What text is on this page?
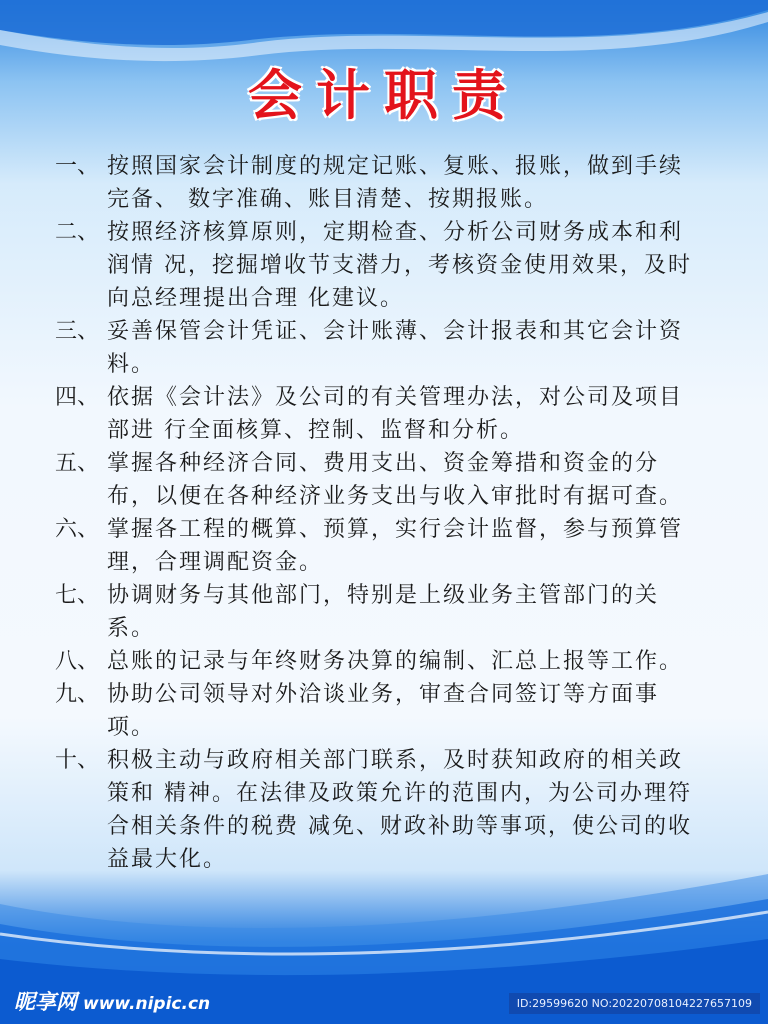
会计职责
一、 按照国家会计制度的规定记账、复账、报账，做到手续
完备、 数字准确、账目清楚、按期报账。
二、 按照经济核算原则，定期检查、分析公司财务成本和利
润情 况，挖掘增收节支潜力，考核资金使用效果，及时
向总经理提出合理 化建议。
三、 妥善保管会计凭证、会计账薄、会计报表和其它会计资
料。
四、 依据《会计法》及公司的有关管理办法，对公司及项目
部进 行全面核算、控制、监督和分析。
五、 掌握各种经济合同、费用支出、资金筹措和资金的分
布，以便在各种经济业务支出与收入审批时有据可查。
六、 掌握各工程的概算、预算，实行会计监督，参与预算管
理，合理调配资金。
七、 协调财务与其他部门，特别是上级业务主管部门的关
系。
八、 总账的记录与年终财务决算的编制、汇总上报等工作。
九、 协助公司领导对外洽谈业务，审查合同签订等方面事
项。
十、 积极主动与政府相关部门联系，及时获知政府的相关政
策和 精神。在法律及政策允许的范围内，为公司办理符
合相关条件的税费 减免、财政补助等事项，使公司的收
益最大化。
昵享网 www.nipic.cn	ID:29599620 NO:20220708104227657109
